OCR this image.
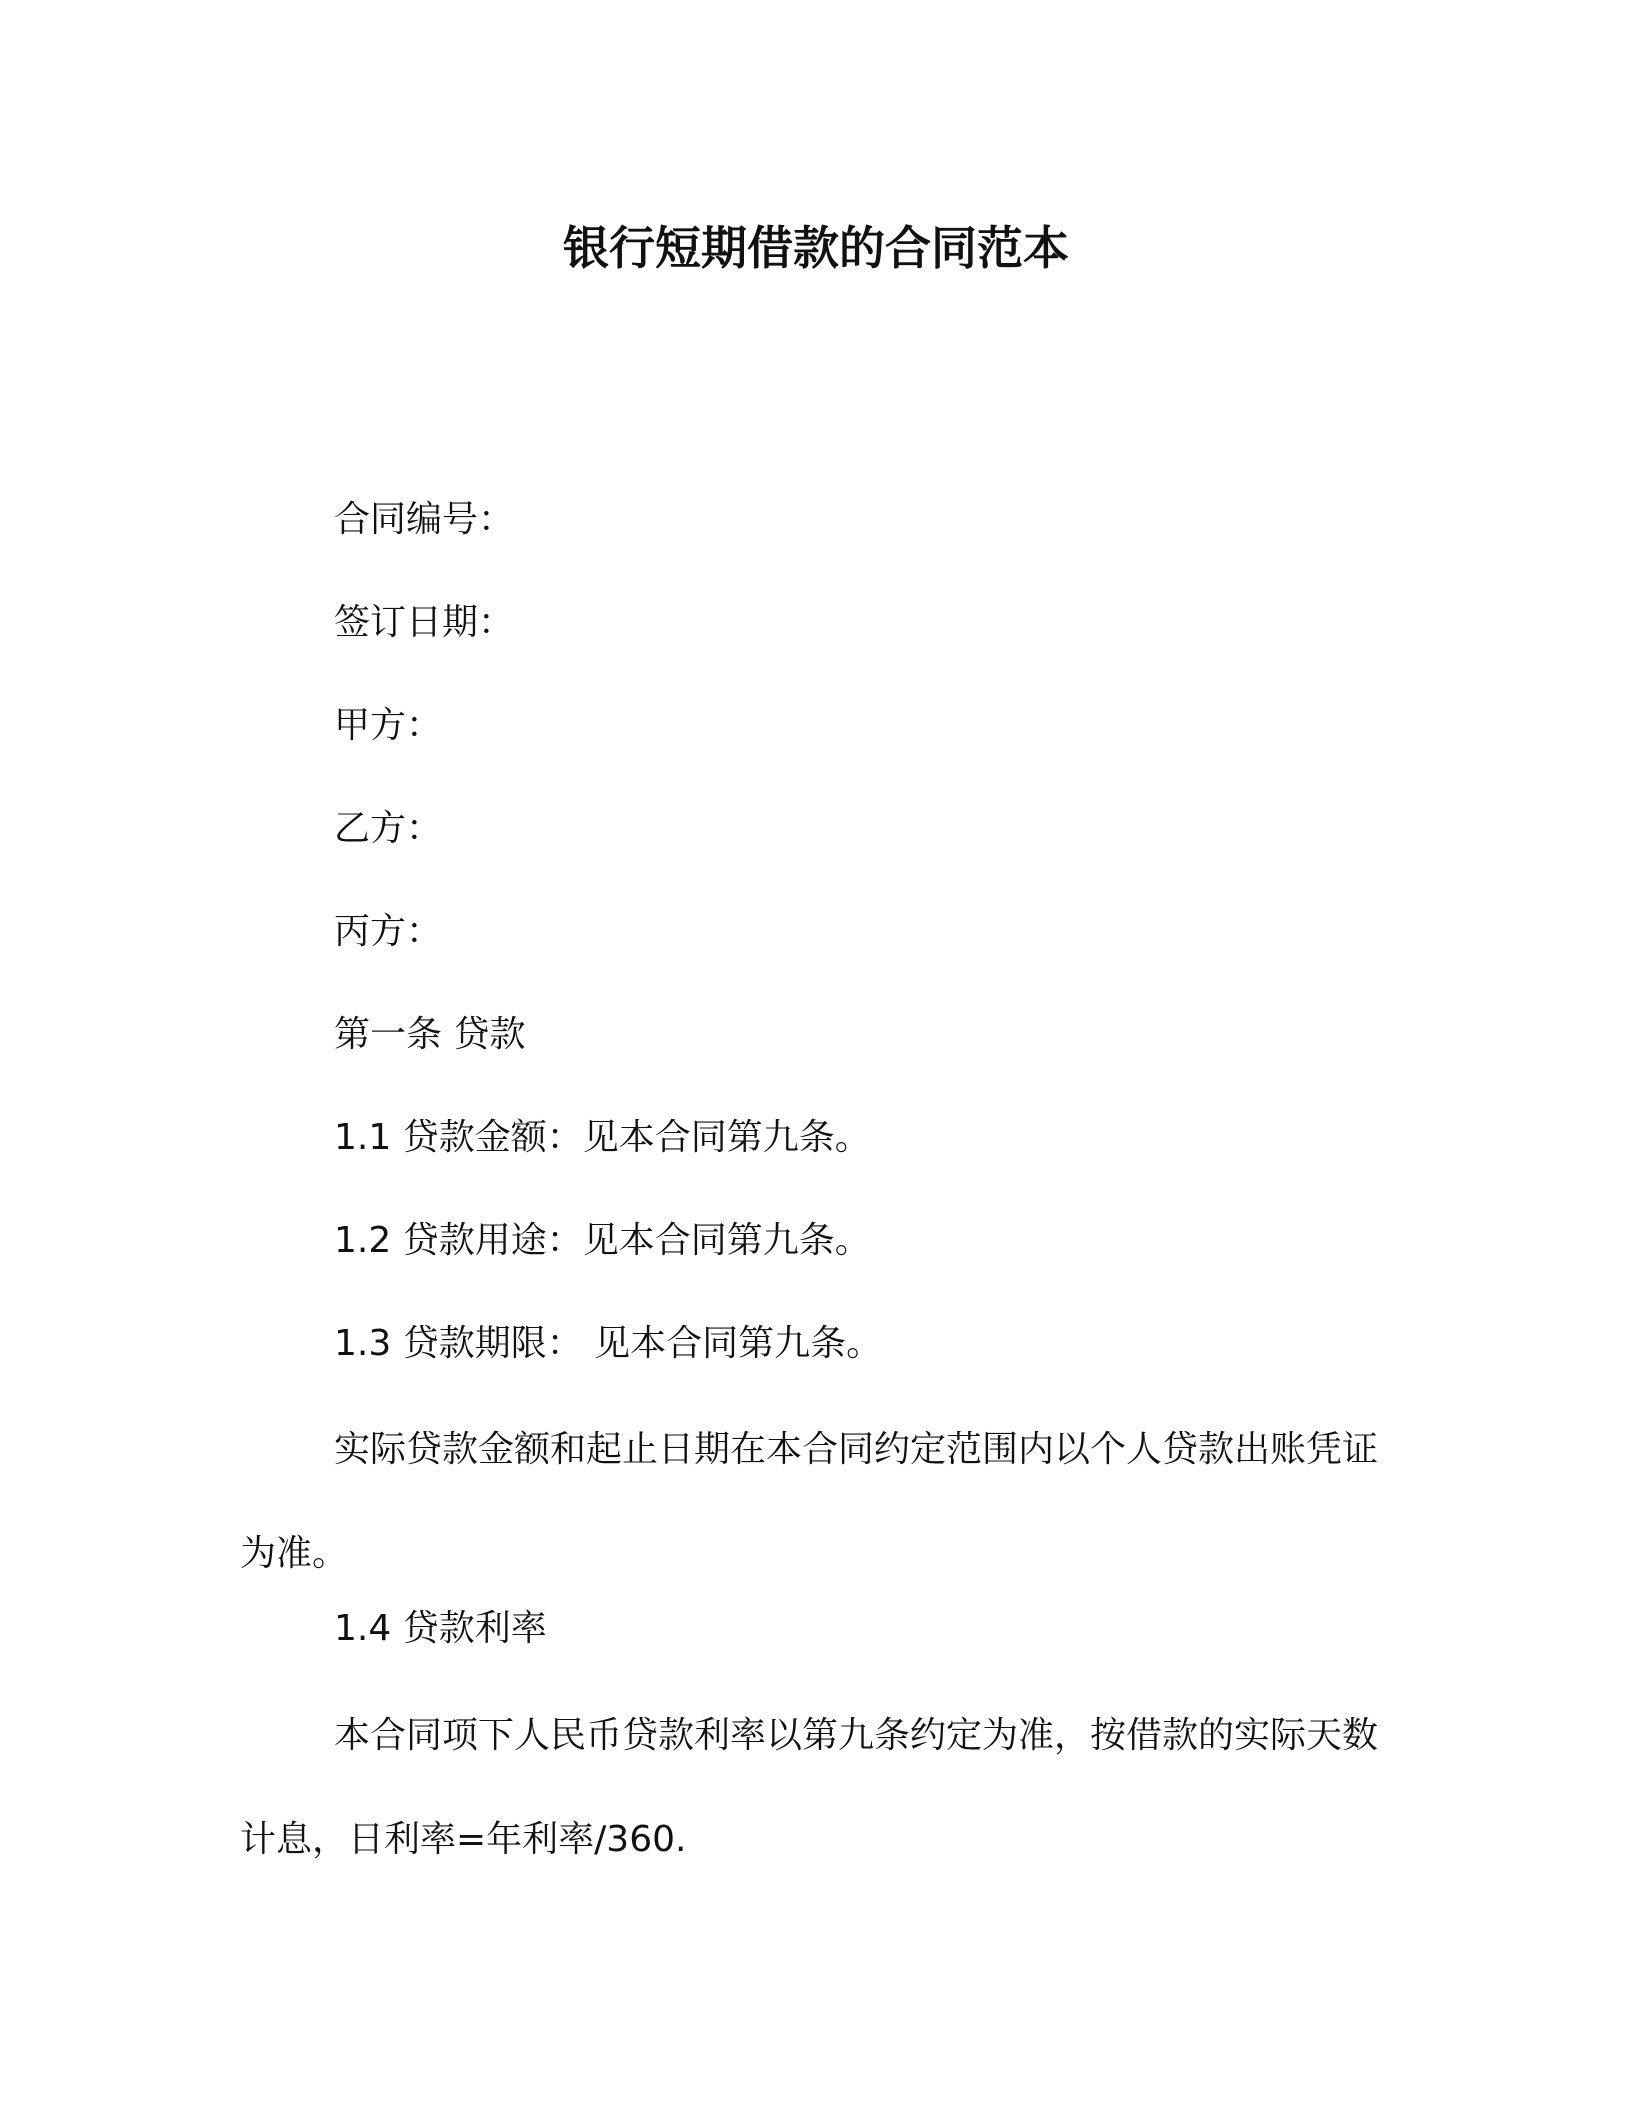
银行短期借款的合同范本
合同编号：
签订日期：
甲方：
乙方：
丙方：
第一条 贷款
1.1 贷款金额：见本合同第九条。
1.2 贷款用途：见本合同第九条。
1.3 贷款期限： 见本合同第九条。
实际贷款金额和起止日期在本合同约定范围内以个人贷款出账凭证为准。
1.4 贷款利率
本合同项下人民币贷款利率以第九条约定为准，按借款的实际天数计息，日利率=年利率/360.
